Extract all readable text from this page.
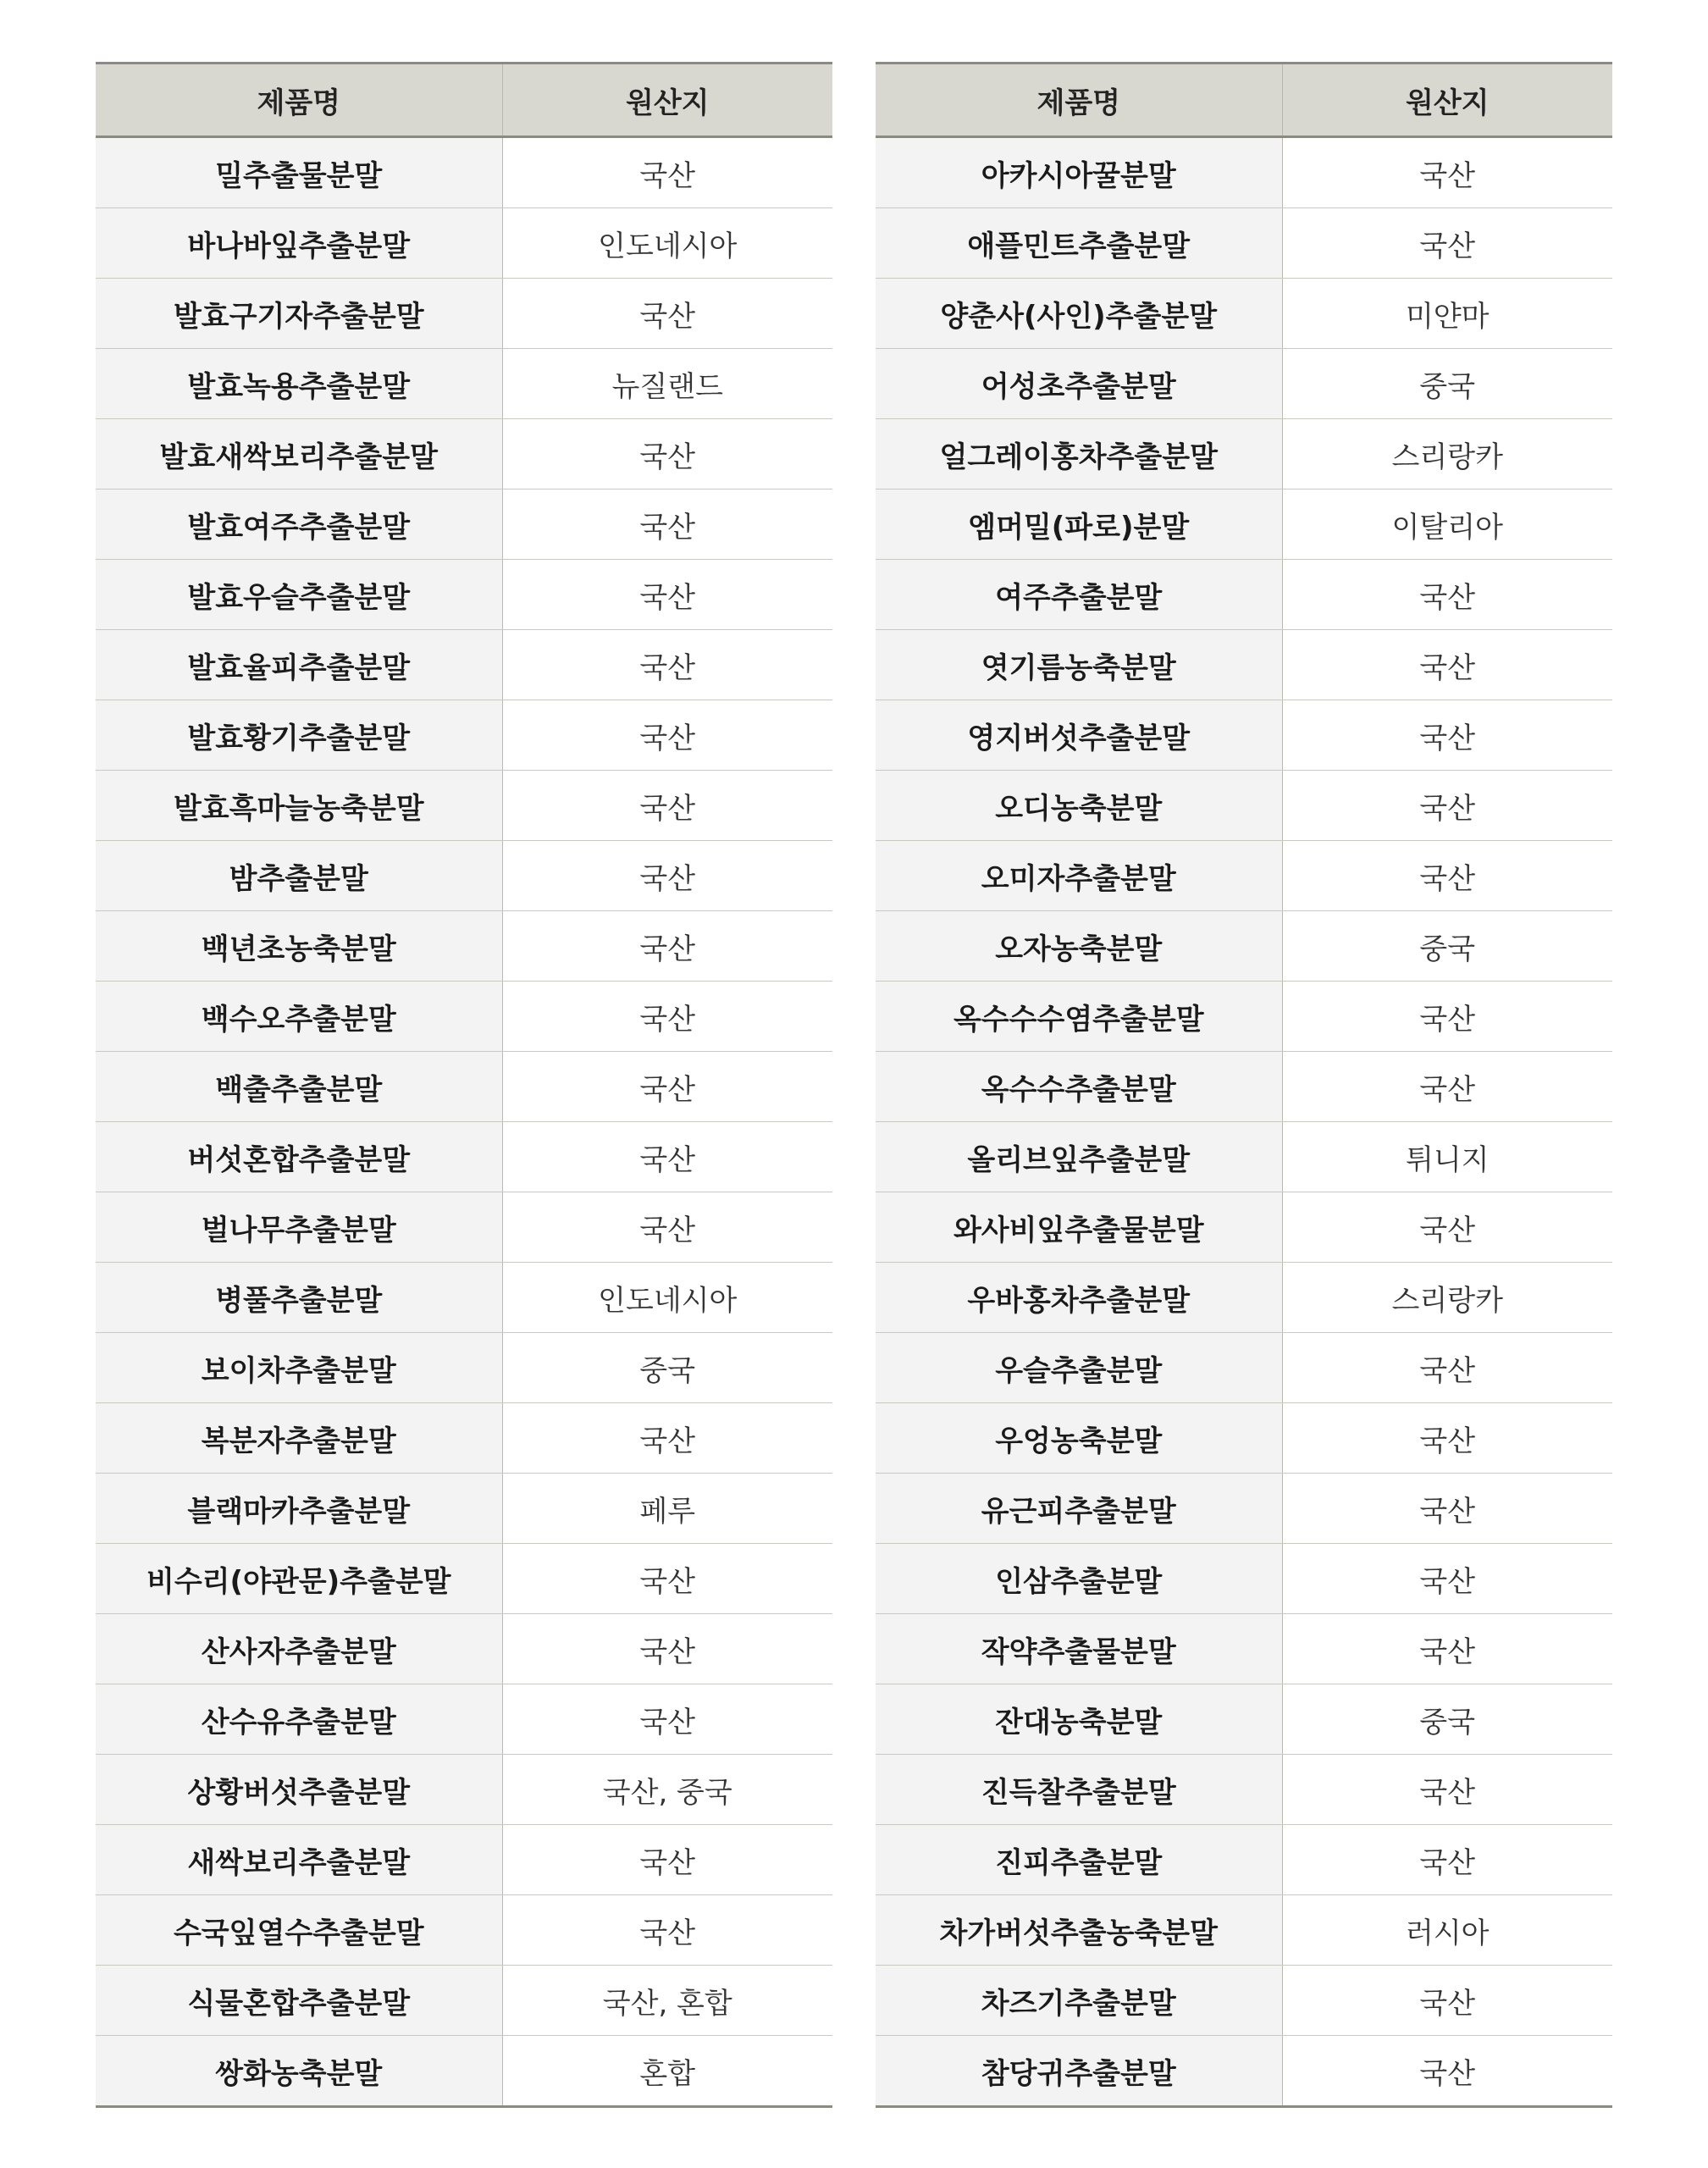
제품명	원산지
밀추출물분말	국산
바나바잎추출분말	인도네시아
발효구기자추출분말	국산
발효녹용추출분말	뉴질랜드
발효새싹보리추출분말	국산
발효여주추출분말	국산
발효우슬추출분말	국산
발효율피추출분말	국산
발효황기추출분말	국산
발효흑마늘농축분말	국산
밤추출분말	국산
백년초농축분말	국산
백수오추출분말	국산
백출추출분말	국산
버섯혼합추출분말	국산
벌나무추출분말	국산
병풀추출분말	인도네시아
보이차추출분말	중국
복분자추출분말	국산
블랙마카추출분말	페루
비수리(야관문)추출분말	국산
산사자추출분말	국산
산수유추출분말	국산
상황버섯추출분말	국산, 중국
새싹보리추출분말	국산
수국잎열수추출분말	국산
식물혼합추출분말	국산, 혼합
쌍화농축분말	혼합
제품명	원산지
아카시아꿀분말	국산
애플민트추출분말	국산
양춘사(사인)추출분말	미얀마
어성초추출분말	중국
얼그레이홍차추출분말	스리랑카
엠머밀(파로)분말	이탈리아
여주추출분말	국산
엿기름농축분말	국산
영지버섯추출분말	국산
오디농축분말	국산
오미자추출분말	국산
오자농축분말	중국
옥수수수염추출분말	국산
옥수수추출분말	국산
올리브잎추출분말	튀니지
와사비잎추출물분말	국산
우바홍차추출분말	스리랑카
우슬추출분말	국산
우엉농축분말	국산
유근피추출분말	국산
인삼추출분말	국산
작약추출물분말	국산
잔대농축분말	중국
진득찰추출분말	국산
진피추출분말	국산
차가버섯추출농축분말	러시아
차즈기추출분말	국산
참당귀추출분말	국산
